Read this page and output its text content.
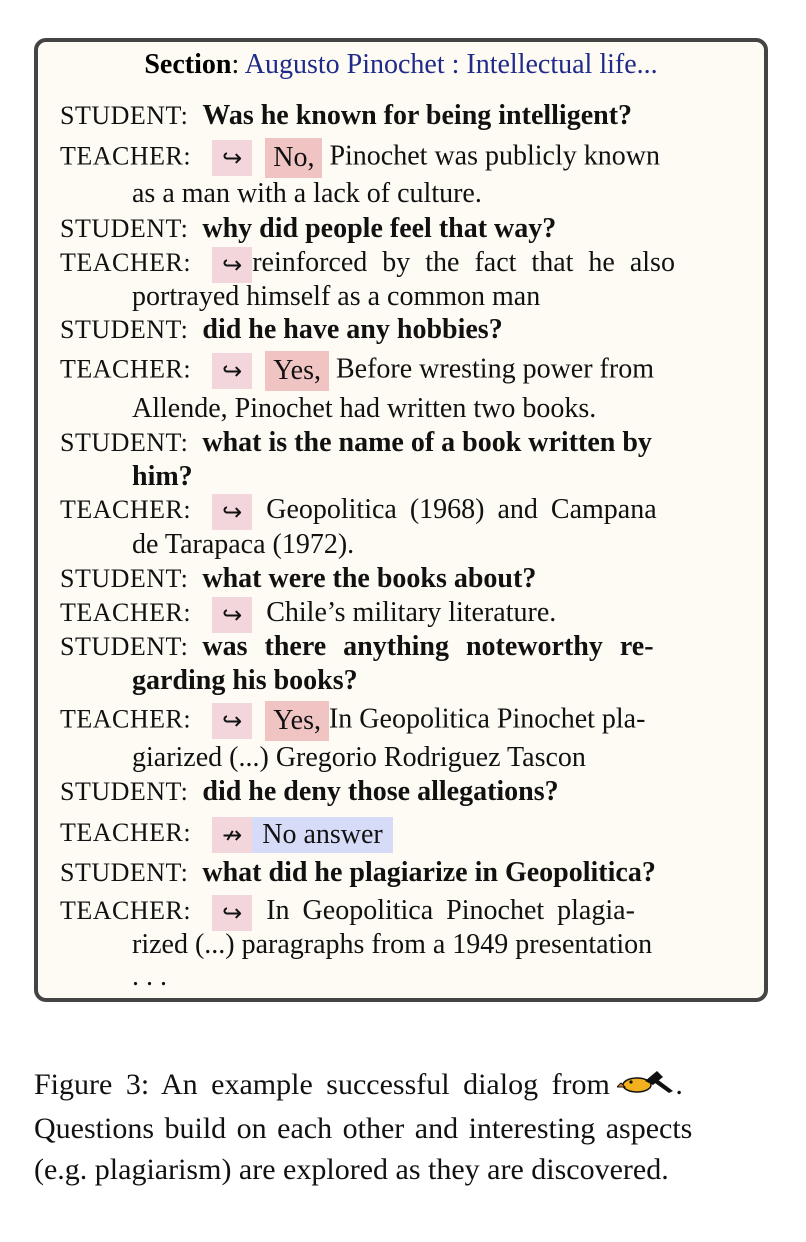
Section: Augusto Pinochet : Intellectual life...
STUDENT: Was he known for being intelligent?
TEACHER: ↪ No, Pinochet was publicly known
as a man with a lack of culture.
STUDENT: why did people feel that way?
TEACHER: ↪ reinforced by the fact that he also
portrayed himself as a common man
STUDENT: did he have any hobbies?
TEACHER: ↪ Yes, Before wresting power from
Allende, Pinochet had written two books.
STUDENT: what is the name of a book written by
him?
TEACHER: ↪ Geopolitica (1968) and Campana
de Tarapaca (1972).
STUDENT: what were the books about?
TEACHER: ↪ Chile’s military literature.
STUDENT: was there anything noteworthy re-
garding his books?
TEACHER: ↪ Yes, In Geopolitica Pinochet pla-
giarized (...) Gregorio Rodriguez Tascon
STUDENT: did he deny those allegations?
TEACHER: ↛ No answer
STUDENT: what did he plagiarize in Geopolitica?
TEACHER: ↪ In Geopolitica Pinochet plagia-
rized (...) paragraphs from a 1949 presentation
. . .
Figure 3: An example successful dialog from .
Questions build on each other and interesting aspects
(e.g. plagiarism) are explored as they are discovered.
